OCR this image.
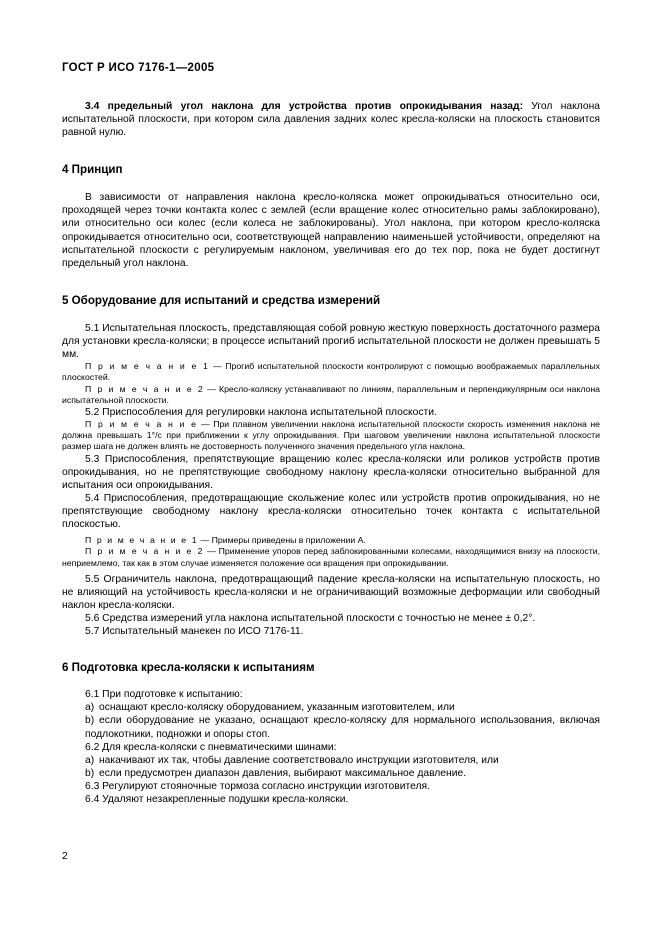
ГОСТ Р ИСО 7176-1—2005

3.4 предельный угол наклона для устройства против опрокидывания назад: Угол наклона испытательной плоскости, при котором сила давления задних колес кресла-коляски на плоскость становится равной нулю.

4 Принцип

В зависимости от направления наклона кресло-коляска может опрокидываться относительно оси, проходящей через точки контакта колес с землей (если вращение колес относительно рамы заблокировано), или относительно оси колес (если колеса не заблокированы). Угол наклона, при котором кресло-коляска опрокидывается относительно оси, соответствующей направлению наименьшей устойчивости, определяют на испытательной плоскости с регулируемым наклоном, увеличивая его до тех пор, пока не будет достигнут предельный угол наклона.

5 Оборудование для испытаний и средства измерений

5.1 Испытательная плоскость, представляющая собой ровную жесткую поверхность достаточного размера для установки кресла-коляски; в процессе испытаний прогиб испытательной плоскости не должен превышать 5 мм.

П р и м е ч а н и е 1 — Прогиб испытательной плоскости контролируют с помощью воображаемых параллельных плоскостей.

П р и м е ч а н и е 2 — Кресло-коляску устанавливают по линиям, параллельным и перпендикулярным оси наклона испытательной плоскости.

5.2 Приспособления для регулировки наклона испытательной плоскости.

П р и м е ч а н и е — При плавном увеличении наклона испытательной плоскости скорость изменения наклона не должна превышать 1°/с при приближении к углу опрокидывания. При шаговом увеличении наклона испытательной плоскости размер шага не должен влиять не достоверность полученного значения предельного угла наклона.

5.3 Приспособления, препятствующие вращению колес кресла-коляски или роликов устройств против опрокидывания, но не препятствующие свободному наклону кресла-коляски относительно выбранной для испытания оси опрокидывания.

5.4 Приспособления, предотвращающие скольжение колес или устройств против опрокидывания, но не препятствующие свободному наклону кресла-коляски относительно точек контакта с испытательной плоскостью.

П р и м е ч а н и е 1 — Примеры приведены в приложении А.

П р и м е ч а н и е 2 — Применение упоров перед заблокированными колесами, находящимися внизу на плоскости, неприемлемо, так как в этом случае изменяется положение оси вращения при опрокидывании.

5.5 Ограничитель наклона, предотвращающий падение кресла-коляски на испытательную плоскость, но не влияющий на устойчивость кресла-коляски и не ограничивающий возможные деформации или свободный наклон кресла-коляски.

5.6 Средства измерений угла наклона испытательной плоскости с точностью не менее ± 0,2°.

5.7 Испытательный манекен по ИСО 7176-11.

6 Подготовка кресла-коляски к испытаниям

6.1 При подготовке к испытанию:

a) оснащают кресло-коляску оборудованием, указанным изготовителем, или

b) если оборудование не указано, оснащают кресло-коляску для нормального использования, включая подлокотники, подножки и опоры стоп.

6.2 Для кресла-коляски с пневматическими шинами:

a) накачивают их так, чтобы давление соответствовало инструкции изготовителя, или

b) если предусмотрен диапазон давления, выбирают максимальное давление.

6.3 Регулируют стояночные тормоза согласно инструкции изготовителя.

6.4 Удаляют незакрепленные подушки кресла-коляски.

2
